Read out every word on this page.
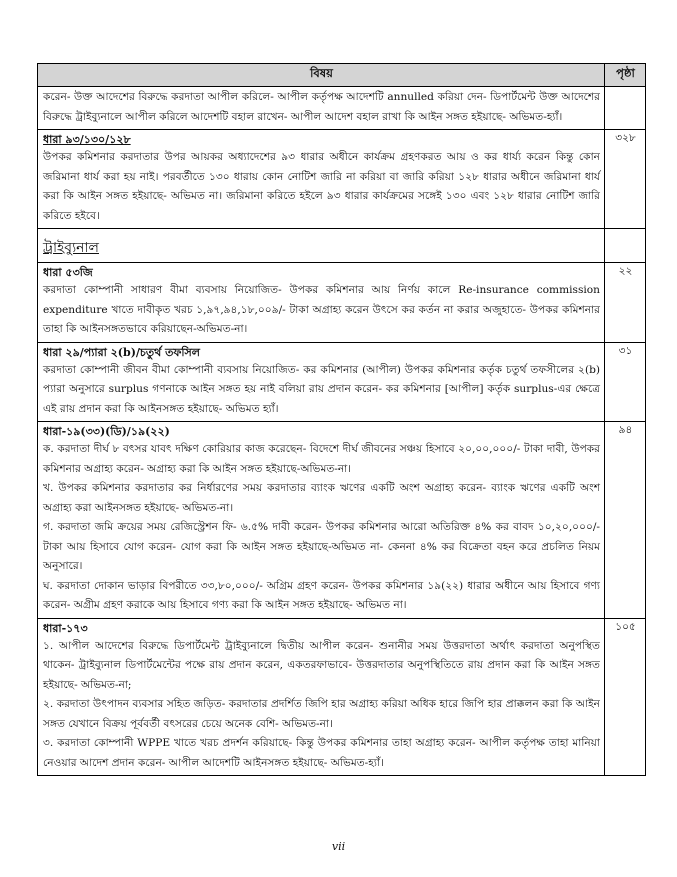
বিষয়	পৃষ্ঠা

করেন- উক্ত আদেশের বিরুদ্ধে করদাতা আপীল করিলে- আপীল কর্তৃপক্ষ আদেশটি annulled করিয়া দেন- ডিপার্টমেন্ট উক্ত আদেশের বিরুদ্ধে ট্রাইব্যুনালে আপীল করিলে আদেশটি বহাল রাখেন- আপীল আদেশ বহাল রাখা কি আইন সঙ্গত হইয়াছে- অভিমত-হ্যাঁ।	

ধারা ৯৩/১৩০/১২৮

উপকর কমিশনার করদাতার উপর আয়কর অধ্যাদেশের ৯৩ ধারার অধীনে কার্যক্রম গ্রহণকরত আয় ও কর ধার্য্য করেন কিন্তু কোন জরিমানা ধার্য করা হয় নাই। পরবর্তীতে ১৩০ ধারায় কোন নোটিশ জারি না করিয়া বা জারি করিয়া ১২৮ ধারার অধীনে জরিমানা ধার্য করা কি আইন সঙ্গত হইয়াছে- অভিমত না। জরিমানা করিতে হইলে ৯৩ ধারার কার্যক্রমের সঙ্গেই ১৩০ এবং ১২৮ ধারার নোটিশ জারি করিতে হইবে।	৩২৮

ট্রাইব্যুনাল	

ধারা ৫৩জি

করদাতা কোম্পানী সাধারণ বীমা ব্যবসায় নিয়োজিত- উপকর কমিশনার আয় নির্ণয় কালে Re-insurance commission expenditure খাতে দাবীকৃত খরচ ১,৯৭,৯৪,১৮,০০৯/- টাকা অগ্রাহ্য করেন উৎসে কর কর্তন না করার অজুহাতে- উপকর কমিশনার তাহা কি আইনসঙ্গতভাবে করিয়াছেন-অভিমত-না।	২২

ধারা ২৯/প্যারা ২(b)/চতুর্থ তফসিল

করদাতা কোম্পানী জীবন বীমা কোম্পানী ব্যবসায় নিয়োজিত- কর কমিশনার (আপীল) উপকর কমিশনার কর্তৃক চতুর্থ তফসীলের ২(b) প্যারা অনুসারে surplus গণনাকে আইন সঙ্গত হয় নাই বলিয়া রায় প্রদান করেন- কর কমিশনার [আপীল] কর্তৃক surplus-এর ক্ষেত্রে এই রায় প্রদান করা কি আইনসঙ্গত হইয়াছে- অভিমত হ্যাঁ।	৩১

ধারা-১৯(৩৩)(ডি)/১৯(২২)

ক. করদাতা দীর্ঘ ৮ বৎসর যাবৎ দক্ষিণ কোরিয়ার কাজ করেছেন- বিদেশে দীর্ঘ জীবনের সঞ্চয় হিসাবে ২০,০০,০০০/- টাকা দাবী, উপকর কমিশনার অগ্রাহ্য করেন- অগ্রাহ্য করা কি আইন সঙ্গত হইয়াছে-অভিমত-না।

খ. উপকর কমিশনার করদাতার কর নির্ধারণের সময় করদাতার ব্যাংক ঋণের একটি অংশ অগ্রাহ্য করেন- ব্যাংক ঋণের একটি অংশ অগ্রাহ্য করা আইনসঙ্গত হইয়াছে- অভিমত-না।

গ. করদাতা জমি ক্রয়ের সময় রেজিস্ট্রেশন ফি- ৬.৫% দাবী করেন- উপকর কমিশনার আরো অতিরিক্ত ৪% কর বাবদ ১০,২০,০০০/- টাকা আয় হিসাবে যোগ করেন- যোগ করা কি আইন সঙ্গত হইয়াছে-অভিমত না- কেননা ৪% কর বিক্রেতা বহন করে প্রচলিত নিয়ম অনুসারে।

ঘ. করদাতা দোকান ভাড়ার বিপরীতে ৩৩,৮০,০০০/- অগ্রিম গ্রহণ করেন- উপকর কমিশনার ১৯(২২) ধারার অধীনে আয় হিসাবে গণ্য করেন- অগ্রীম গ্রহণ করাকে আয় হিসাবে গণ্য করা কি আইন সঙ্গত হইয়াছে- অভিমত না।	৯৪

ধারা-১৭৩

১. আপীল আদেশের বিরুদ্ধে ডিপার্টমেন্ট ট্রাইব্যুনালে দ্বিতীয় আপীল করেন- শুনানীর সময় উত্তরদাতা অর্থাৎ করদাতা অনুপস্থিত থাকেন- ট্রাইব্যুনাল ডিপার্টমেন্টের পক্ষে রায় প্রদান করেন, একতরফাভাবে- উত্তরদাতার অনুপস্থিতিতে রায় প্রদান করা কি আইন সঙ্গত হইয়াছে- অভিমত-না;

২. করদাতা উৎপাদন ব্যবসার সহিত জড়িত- করদাতার প্রদর্শিত জিপি হার অগ্রাহ্য করিয়া অধিক হারে জিপি হার প্রাক্কলন করা কি আইন সঙ্গত যেখানে বিক্রয় পূর্ববর্তী বৎসরের চেয়ে অনেক বেশি- অভিমত-না।

৩. করদাতা কোম্পানী WPPE খাতে খরচ প্রদর্শন করিয়াছে- কিন্তু উপকর কমিশনার তাহা অগ্রাহ্য করেন- আপীল কর্তৃপক্ষ তাহা মানিয়া নেওয়ার আদেশ প্রদান করেন- আপীল আদেশটি আইনসঙ্গত হইয়াছে- অভিমত-হ্যাঁ।	১০৫
vii
